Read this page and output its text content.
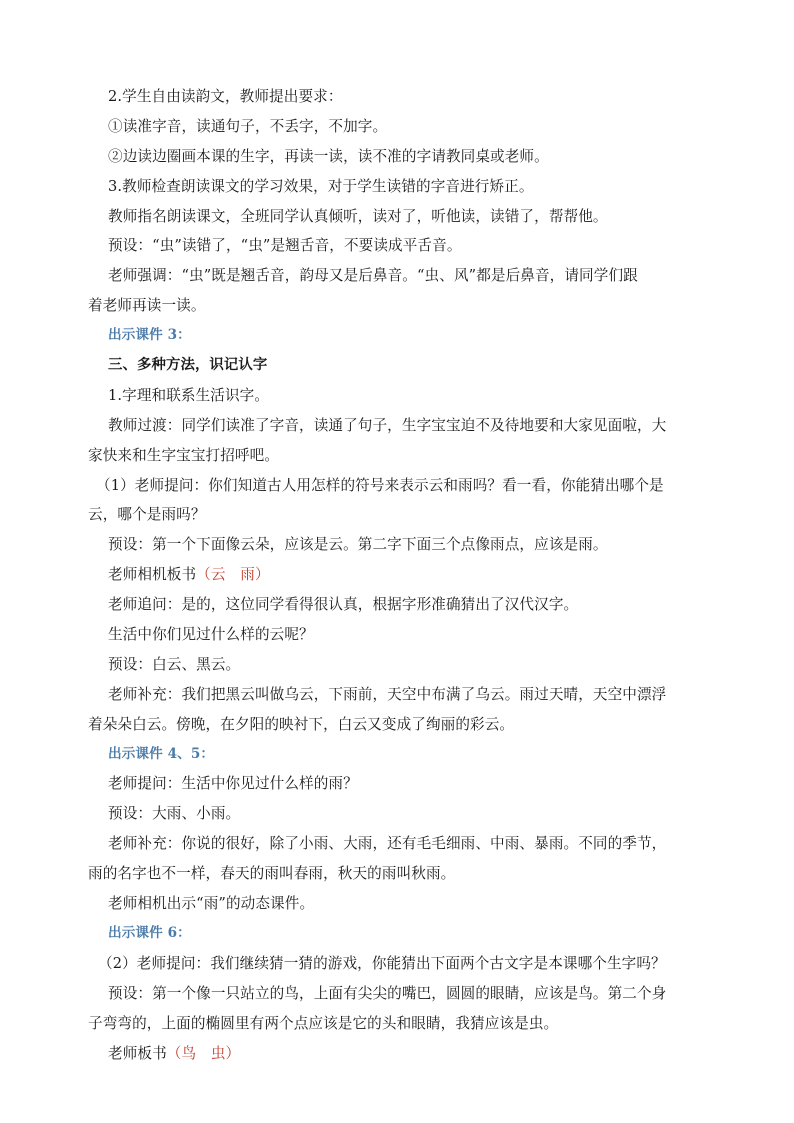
2.学生自由读韵文，教师提出要求：
①读准字音，读通句子，不丢字，不加字。
②边读边圈画本课的生字，再读一读，读不准的字请教同桌或老师。
3.教师检查朗读课文的学习效果，对于学生读错的字音进行矫正。
教师指名朗读课文，全班同学认真倾听，读对了，听他读，读错了，帮帮他。
预设：“虫”读错了，“虫”是翘舌音，不要读成平舌音。
老师强调：“虫”既是翘舌音，韵母又是后鼻音。“虫、风”都是后鼻音，请同学们跟
着老师再读一读。
出示课件 3：
三、多种方法，识记认字
1.字理和联系生活识字。
教师过渡：同学们读准了字音，读通了句子，生字宝宝迫不及待地要和大家见面啦，大
家快来和生字宝宝打招呼吧。
（1）老师提问：你们知道古人用怎样的符号来表示云和雨吗？看一看，你能猜出哪个是
云，哪个是雨吗？
预设：第一个下面像云朵，应该是云。第二字下面三个点像雨点，应该是雨。
老师相机板书（云　雨）
老师追问：是的，这位同学看得很认真，根据字形准确猜出了汉代汉字。
生活中你们见过什么样的云呢？
预设：白云、黑云。
老师补充：我们把黑云叫做乌云，下雨前，天空中布满了乌云。雨过天晴，天空中漂浮
着朵朵白云。傍晚，在夕阳的映衬下，白云又变成了绚丽的彩云。
出示课件 4、5：
老师提问：生活中你见过什么样的雨？
预设：大雨、小雨。
老师补充：你说的很好，除了小雨、大雨，还有毛毛细雨、中雨、暴雨。不同的季节，
雨的名字也不一样，春天的雨叫春雨，秋天的雨叫秋雨。
老师相机出示“雨”的动态课件。
出示课件 6：
（2）老师提问：我们继续猜一猜的游戏，你能猜出下面两个古文字是本课哪个生字吗？
预设：第一个像一只站立的鸟，上面有尖尖的嘴巴，圆圆的眼睛，应该是鸟。第二个身
子弯弯的，上面的椭圆里有两个点应该是它的头和眼睛，我猜应该是虫。
老师板书（鸟　虫）
